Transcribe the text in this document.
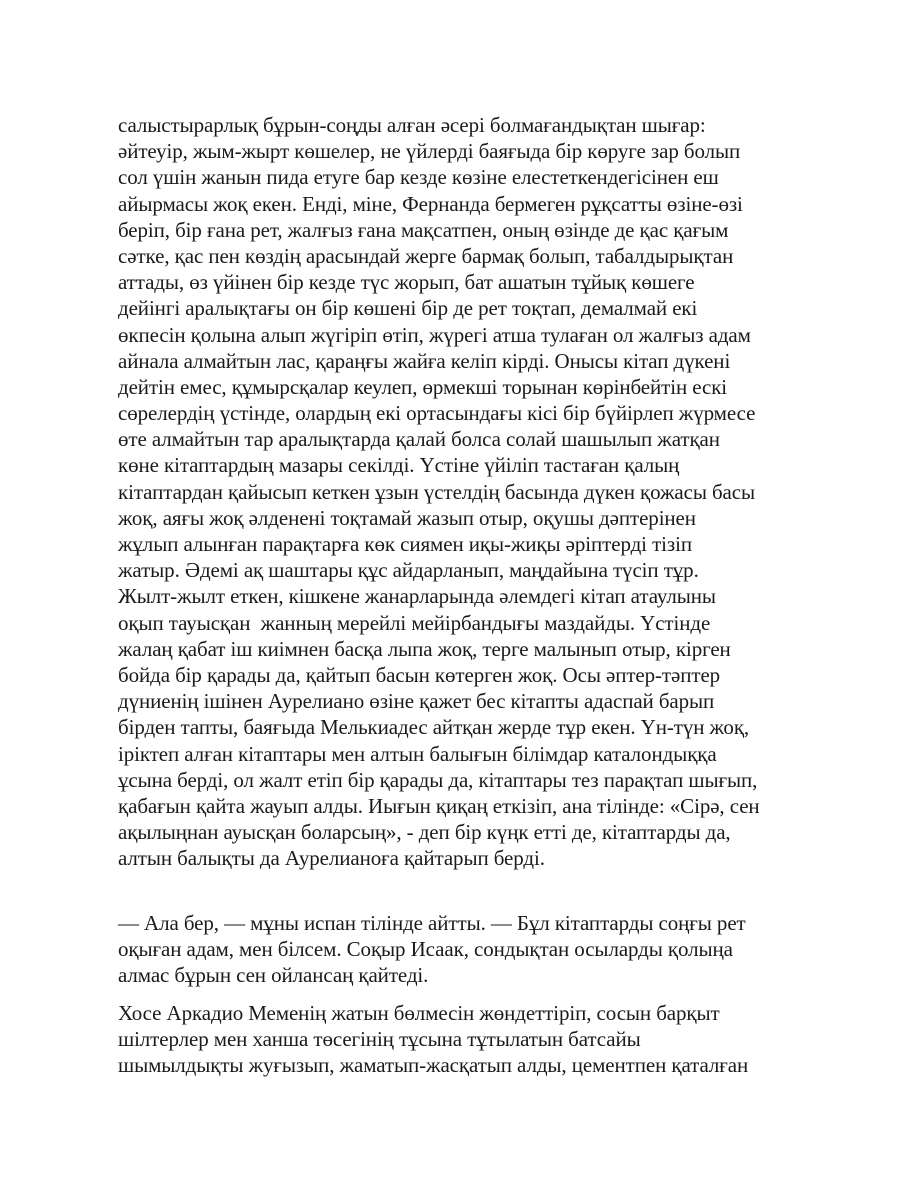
салыстырарлық бұрын-соңды алған әсері болмағандықтан шығар:
әйтеуір, жым-жырт көшелер, не үйлерді баяғыда бір көруге зар болып
сол үшін жанын пида етуге бар кезде көзіне елестеткендегісінен еш
айырмасы жоқ екен. Енді, міне, Фернанда бермеген рұқсатты өзіне-өзі
беріп, бір ғана рет, жалғыз ғана мақсатпен, оның өзінде де қас қағым
сәтке, қас пен көздің арасындай жерге бармақ болып, табалдырықтан
аттады, өз үйінен бір кезде түс жорып, бат ашатын тұйық көшеге
дейінгі аралықтағы он бір көшені бір де рет тоқтап, демалмай екі
өкпесін қолына алып жүгіріп өтіп, жүрегі атша тулаған ол жалғыз адам
айнала алмайтын лас, қараңғы жайға келіп кірді. Онысы кітап дүкені
дейтін емес, құмырсқалар кеулеп, өрмекші торынан көрінбейтін ескі
сөрелердің үстінде, олардың екі ортасындағы кісі бір бүйірлеп жүрмесе
өте алмайтын тар аралықтарда қалай болса солай шашылып жатқан
көне кітаптардың мазары секілді. Үстіне үйіліп тастаған қалың
кітаптардан қайысып кеткен ұзын үстелдің басында дүкен қожасы басы
жоқ, аяғы жоқ әлденені тоқтамай жазып отыр, оқушы дәптерінен
жұлып алынған парақтарға көк сиямен иқы-жиқы әріптерді тізіп
жатыр. Әдемі ақ шаштары құс айдарланып, маңдайына түсіп тұр.
Жылт-жылт еткен, кішкене жанарларында әлемдегі кітап атаулыны
оқып тауысқан  жанның мерейлі мейірбандығы маздайды. Үстінде
жалаң қабат іш киімнен басқа лыпа жоқ, терге малынып отыр, кірген
бойда бір қарады да, қайтып басын көтерген жоқ. Осы әптер-тәптер
дүниенің ішінен Аурелиано өзіне қажет бес кітапты адаспай барып
бірден тапты, баяғыда Мелькиадес айтқан жерде тұр екен. Үн-түн жоқ,
іріктеп алған кітаптары мен алтын балығын білімдар каталондыққа
ұсына берді, ол жалт етіп бір қарады да, кітаптары тез парақтап шығып,
қабағын қайта жауып алды. Иығын қиқаң еткізіп, ана тілінде: «Сірә, сен
ақылыңнан ауысқан боларсың», - деп бір күңк етті де, кітаптарды да,
алтын балықты да Аурелианоға қайтарып берді.
— Ала бер, — мұны испан тілінде айтты. — Бұл кітаптарды соңғы рет
оқыған адам, мен білсем. Соқыр Исаак, сондықтан осыларды қолыңа
алмас бұрын сен ойлансаң қайтеді.
Хосе Аркадио Меменің жатын бөлмесін жөндеттіріп, сосын барқыт
шілтерлер мен ханша төсегінің тұсына тұтылатын батсайы
шымылдықты жуғызып, жаматып-жасқатып алды, цементпен қаталған
